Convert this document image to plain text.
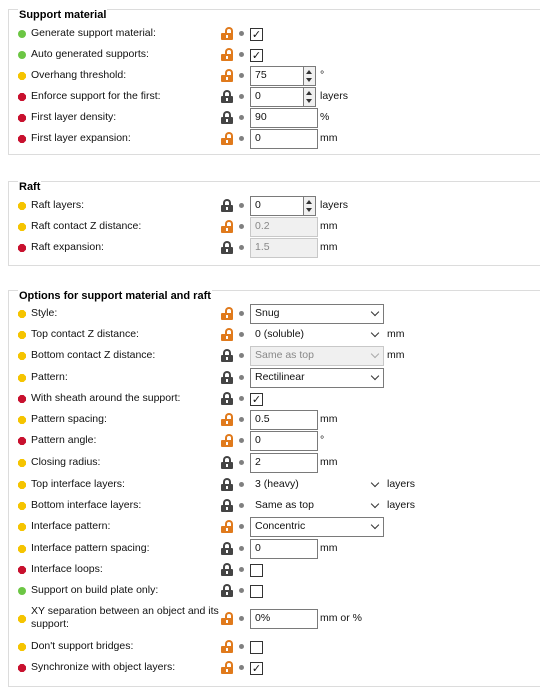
Support material
Generate support material:	✓
Auto generated supports:	✓
Overhang threshold:	75	°
Enforce support for the first:	0	layers
First layer density:	90	%
First layer expansion:	0	mm
Raft
Raft layers:	0	layers
Raft contact Z distance:	0.2	mm
Raft expansion:	1.5	mm
Options for support material and raft
Style:	Snug
Top contact Z distance:	0 (soluble)	mm
Bottom contact Z distance:	Same as top	mm
Pattern:	Rectilinear
With sheath around the support:	✓
Pattern spacing:	0.5	mm
Pattern angle:	0	°
Closing radius:	2	mm
Top interface layers:	3 (heavy)	layers
Bottom interface layers:	Same as top	layers
Interface pattern:	Concentric
Interface pattern spacing:	0	mm
Interface loops:
Support on build plate only:
XY separation between an object and its support:	0%	mm or %
Don't support bridges:
Synchronize with object layers:	✓
